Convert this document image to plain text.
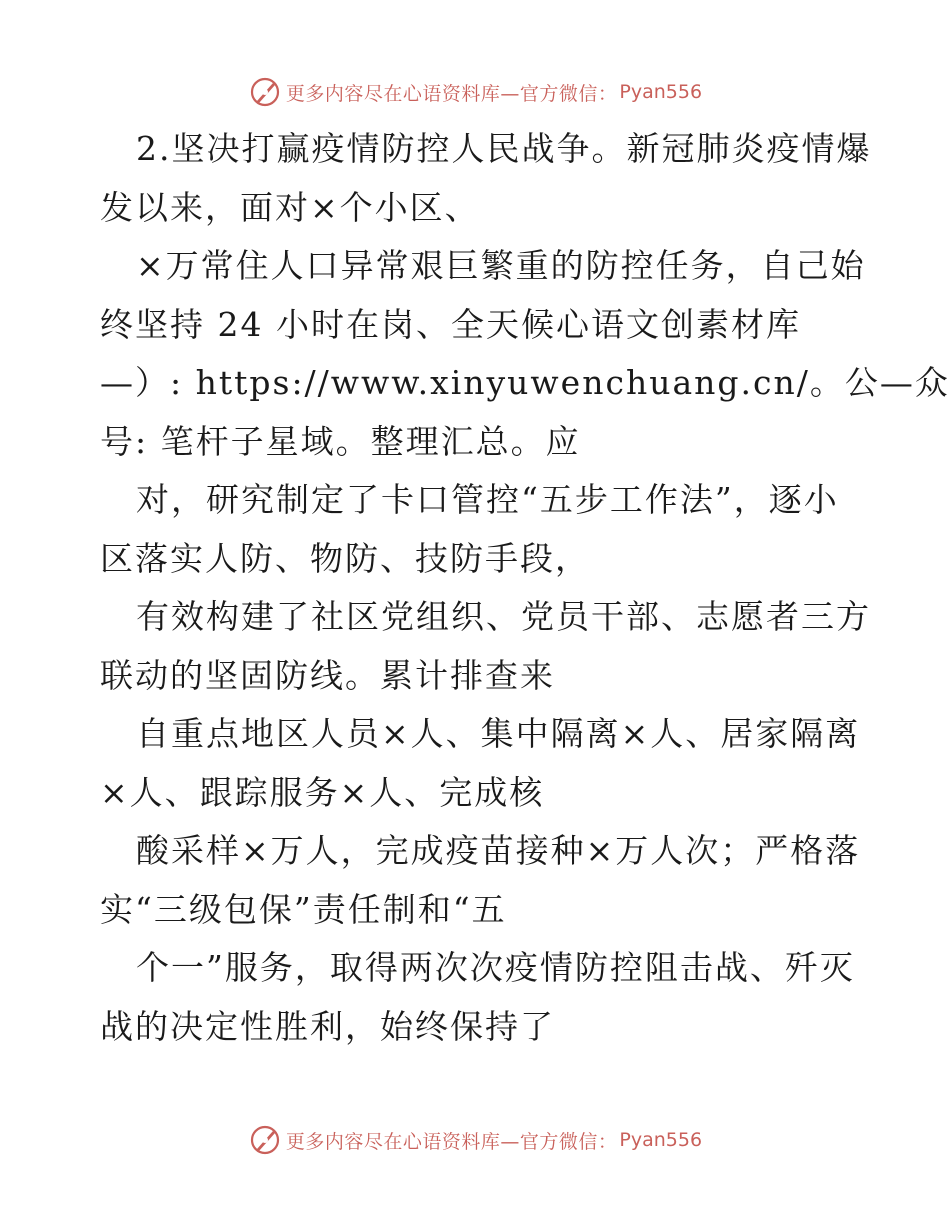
更多内容尽在心语资料库—官方微信： Pyan556
2.坚决打赢疫情防控人民战争。新冠肺炎疫情爆
发以来，面对×个小区、
×万常住人口异常艰巨繁重的防控任务，自己始
终坚持 24 小时在岗、全天候心语文创素材库
—）: https://www.xinyuwenchuang.cn/。公—众
号: 笔杆子星域。整理汇总。应
对，研究制定了卡口管控“五步工作法”，逐小
区落实人防、物防、技防手段，
有效构建了社区党组织、党员干部、志愿者三方
联动的坚固防线。累计排查来
自重点地区人员×人、集中隔离×人、居家隔离
×人、跟踪服务×人、完成核
酸采样×万人，完成疫苗接种×万人次；严格落
实“三级包保”责任制和“五
个一”服务，取得两次次疫情防控阻击战、歼灭
战的决定性胜利，始终保持了
更多内容尽在心语资料库—官方微信： Pyan556
